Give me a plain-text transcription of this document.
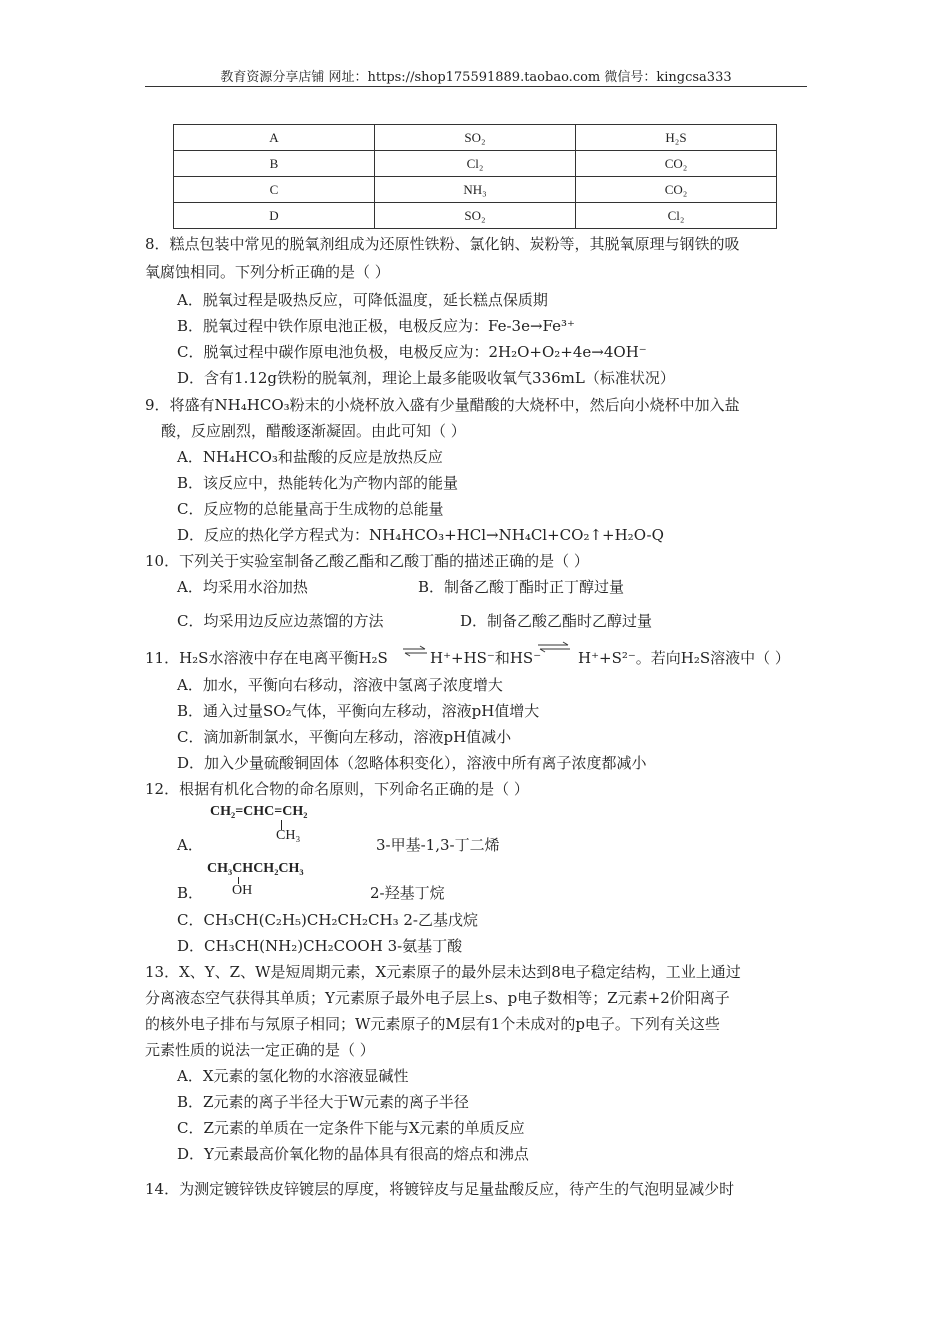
教育资源分享店铺 网址：https://shop175591889.taobao.com 微信号：kingcsa333
A	SO₂	H₂S
B	Cl₂	CO₂
C	NH₃	CO₂
D	SO₂	Cl₂
8．糕点包装中常见的脱氧剂组成为还原性铁粉、氯化钠、炭粉等，其脱氧原理与钢铁的吸
氧腐蚀相同。下列分析正确的是（ ）
A．脱氧过程是吸热反应，可降低温度，延长糕点保质期
B．脱氧过程中铁作原电池正极，电极反应为：Fe-3e→Fe³⁺
C．脱氧过程中碳作原电池负极，电极反应为：2H₂O+O₂+4e→4OH⁻
D．含有1.12g铁粉的脱氧剂，理论上最多能吸收氧气336mL（标准状况）
9．将盛有NH₄HCO₃粉末的小烧杯放入盛有少量醋酸的大烧杯中，然后向小烧杯中加入盐
酸，反应剧烈，醋酸逐渐凝固。由此可知（ ）
A．NH₄HCO₃和盐酸的反应是放热反应
B．该反应中，热能转化为产物内部的能量
C．反应物的总能量高于生成物的总能量
D．反应的热化学方程式为：NH₄HCO₃+HCl→NH₄Cl+CO₂↑+H₂O-Q
10．下列关于实验室制备乙酸乙酯和乙酸丁酯的描述正确的是（ ）
A．均采用水浴加热	B．制备乙酸丁酯时正丁醇过量
C．均采用边反应边蒸馏的方法	D．制备乙酸乙酯时乙醇过量
11．H₂S水溶液中存在电离平衡H₂S ⇌ H⁺+HS⁻和HS⁻ H⁺+S²⁻。若向H₂S溶液中（ ）
A．加水，平衡向右移动，溶液中氢离子浓度增大
B．通入过量SO₂气体，平衡向左移动，溶液pH值增大
C．滴加新制氯水，平衡向左移动，溶液pH值减小
D．加入少量硫酸铜固体（忽略体积变化），溶液中所有离子浓度都减小
12．根据有机化合物的命名原则，下列命名正确的是（ ）
CH₂=CHC=CH₂
CH₃
A．	3-甲基-1,3-丁二烯
CH₃CHCH₂CH₃
OH
B．	2-羟基丁烷
C．CH₃CH(C₂H₅)CH₂CH₂CH₃ 2-乙基戊烷
D．CH₃CH(NH₂)CH₂COOH 3-氨基丁酸
13．X、Y、Z、W是短周期元素，X元素原子的最外层未达到8电子稳定结构，工业上通过
分离液态空气获得其单质；Y元素原子最外电子层上s、p电子数相等；Z元素+2价阳离子
的核外电子排布与氖原子相同；W元素原子的M层有1个未成对的p电子。下列有关这些
元素性质的说法一定正确的是（ ）
A．X元素的氢化物的水溶液显碱性
B．Z元素的离子半径大于W元素的离子半径
C．Z元素的单质在一定条件下能与X元素的单质反应
D．Y元素最高价氧化物的晶体具有很高的熔点和沸点
14．为测定镀锌铁皮锌镀层的厚度，将镀锌皮与足量盐酸反应，待产生的气泡明显减少时
